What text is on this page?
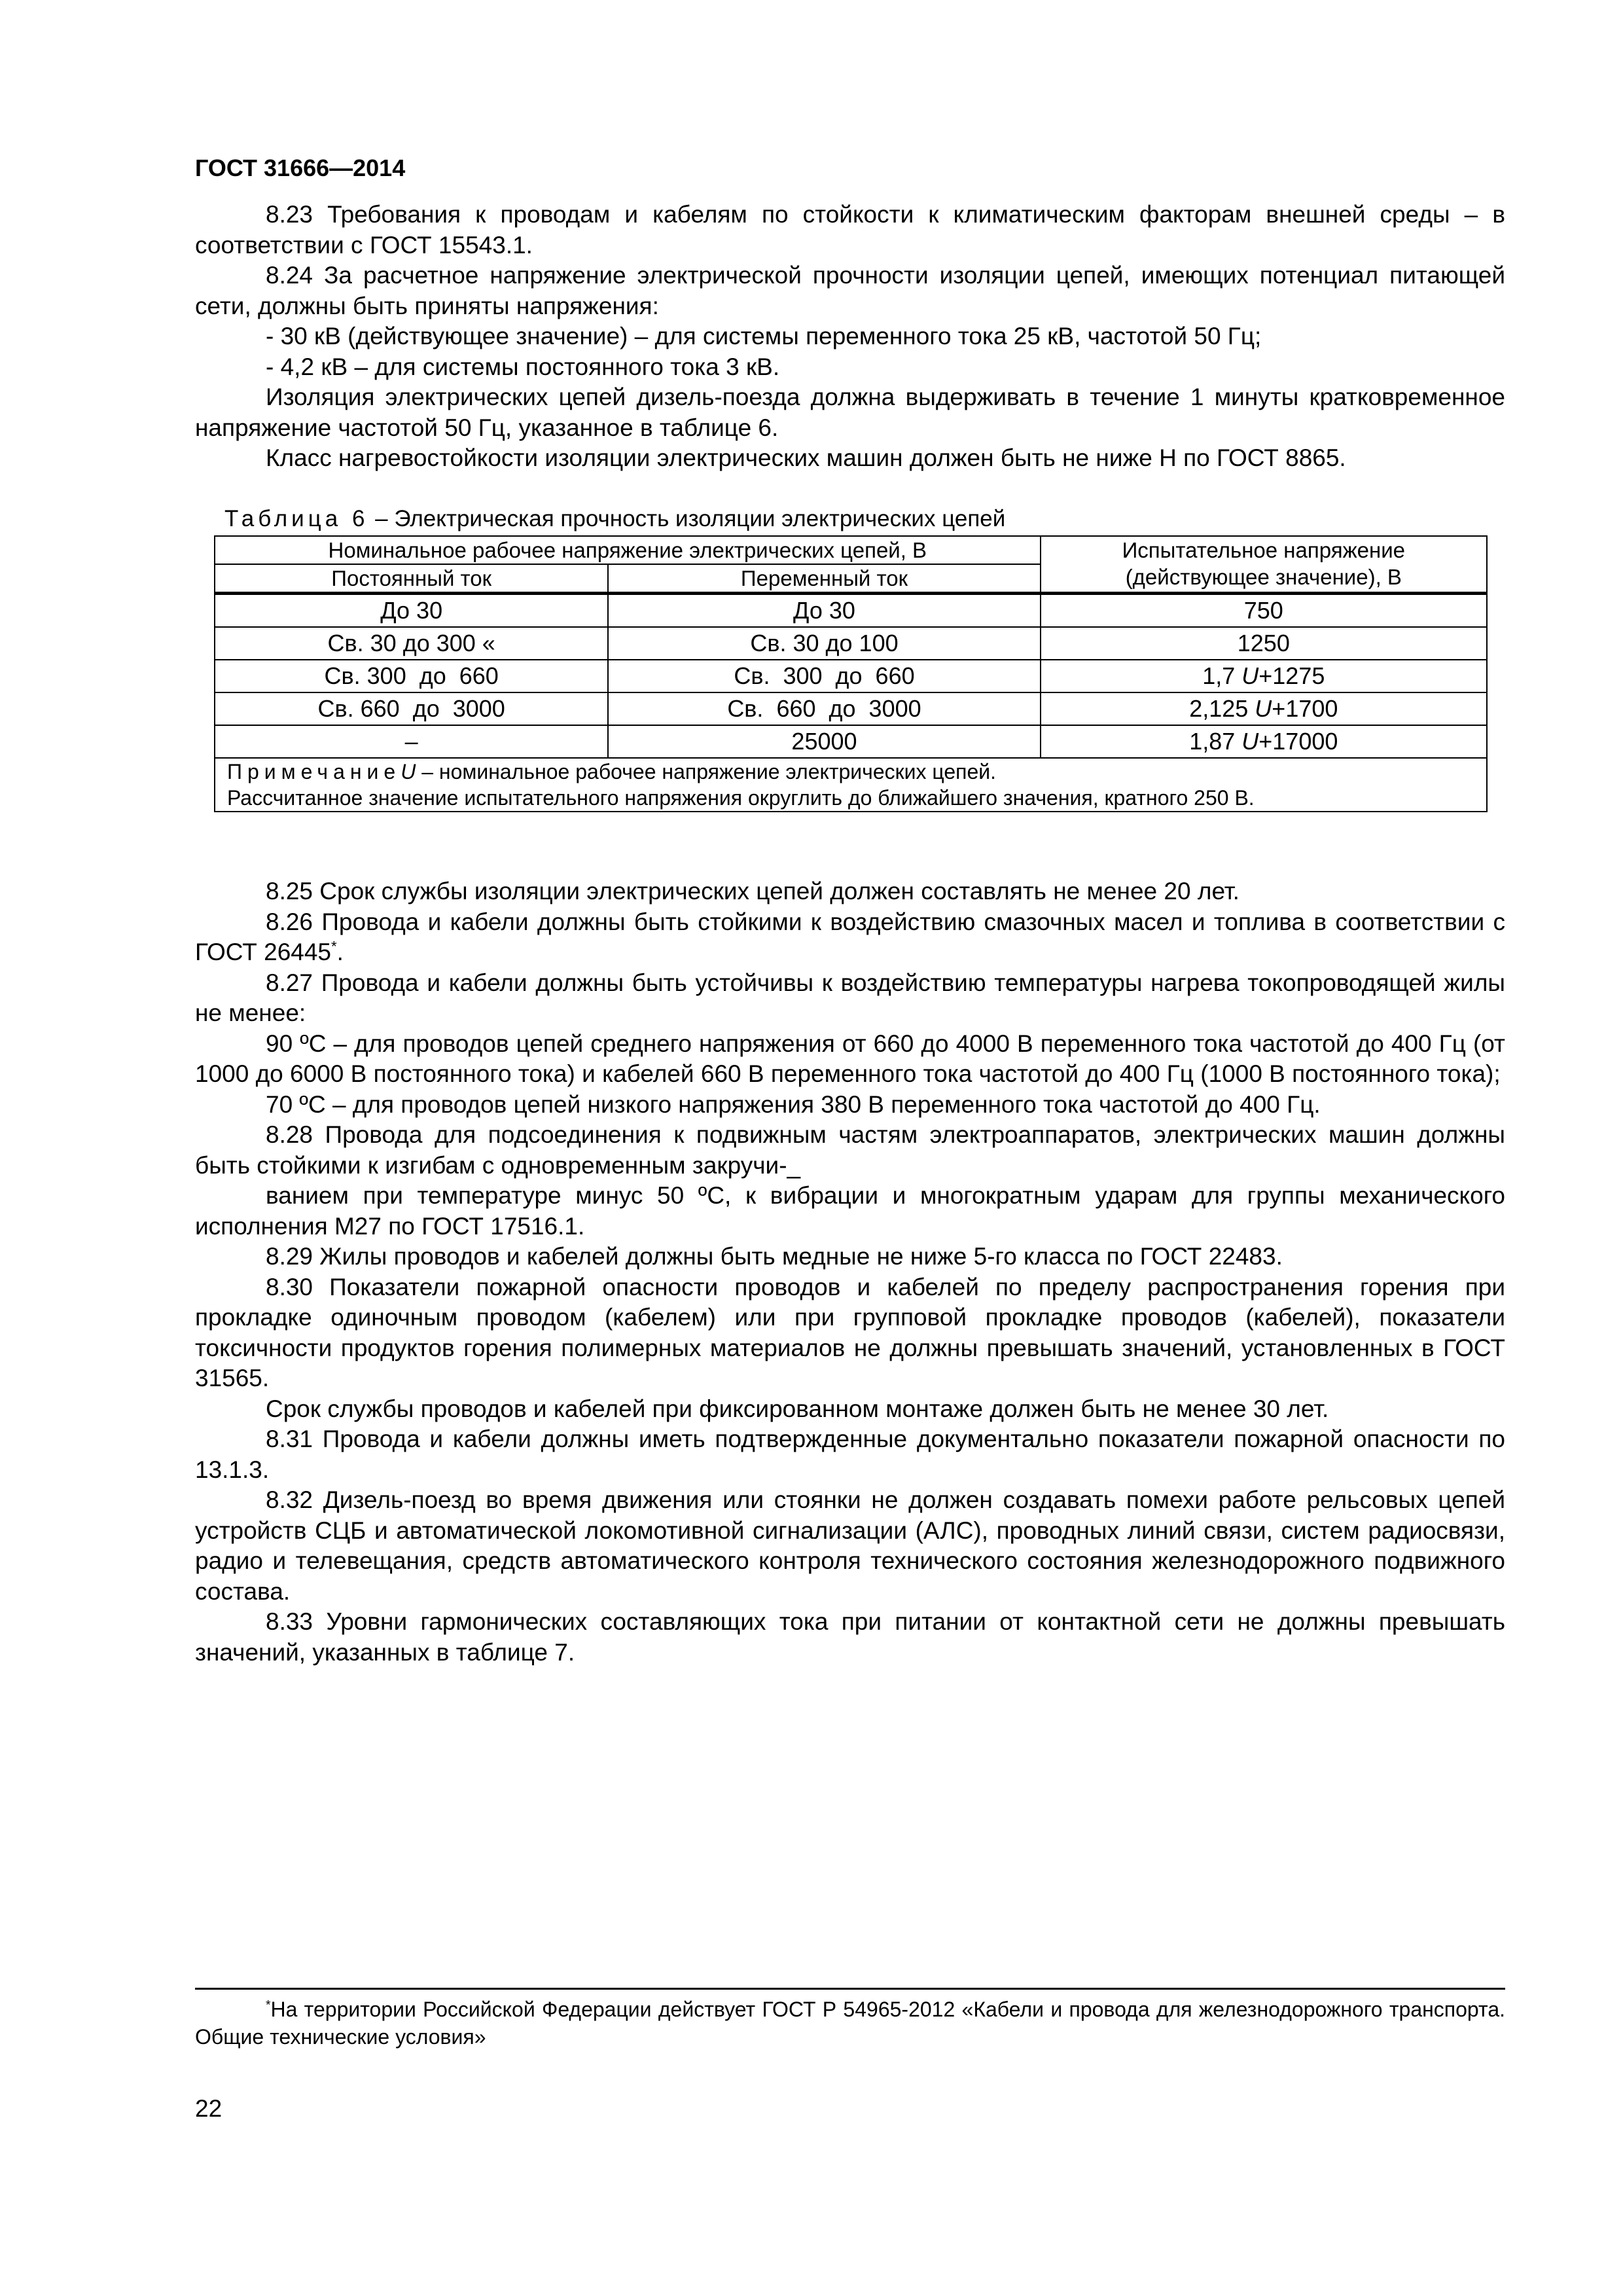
ГОСТ 31666—2014

8.23 Требования к проводам и кабелям по стойкости к климатическим факторам внешней среды – в соответствии с ГОСТ 15543.1.

8.24 За расчетное напряжение электрической прочности изоляции цепей, имеющих потенциал питающей сети, должны быть приняты напряжения:

- 30 кВ (действующее значение) – для системы переменного тока 25 кВ, частотой 50 Гц;

- 4,2 кВ – для системы постоянного тока 3 кВ.

Изоляция электрических цепей дизель-поезда должна выдерживать в течение 1 минуты кратковременное напряжение частотой 50 Гц, указанное в таблице 6.

Класс нагревостойкости изоляции электрических машин должен быть не ниже Н по ГОСТ 8865.

Таблица 6 – Электрическая прочность изоляции электрических цепей
Номинальное рабочее напряжение электрических цепей, В		Испытательное напряжение (действующее значение), В
Постоянный ток	Переменный ток	
До 30	До 30	750
Св. 30 до 300 «	Св. 30 до 100	1250
Св. 300  до  660	Св.  300  до  660	1,7 U+1275
Св. 660  до  3000	Св.  660  до  3000	2,125 U+1700
–	25000	1,87 U+17000
ПримечаниеU – номинальное рабочее напряжение электрических цепей.
Рассчитанное значение испытательного напряжения округлить до ближайшего значения, кратного 250 В.		

8.25 Срок службы изоляции электрических цепей должен составлять не менее 20 лет.

8.26 Провода и кабели должны быть стойкими к воздействию смазочных масел и топлива в соответствии с ГОСТ 26445*.

8.27 Провода и кабели должны быть устойчивы к воздействию температуры нагрева токопроводящей жилы не менее:

90 ºС – для проводов цепей среднего напряжения от 660 до 4000 В переменного тока частотой до 400 Гц (от 1000 до 6000 В постоянного тока) и кабелей 660 В переменного тока частотой до 400 Гц (1000 В постоянного тока);

70 ºС – для проводов цепей низкого напряжения 380 В переменного тока частотой до 400 Гц.

8.28 Провода для подсоединения к подвижным частям электроаппаратов, электрических машин должны быть стойкими к изгибам с одновременным закручи-_

ванием при температуре минус 50 ºС, к вибрации и многократным ударам для группы механического исполнения М27 по ГОСТ 17516.1.

8.29 Жилы проводов и кабелей должны быть медные не ниже 5-го класса по ГОСТ 22483.

8.30 Показатели пожарной опасности проводов и кабелей по пределу распространения горения при прокладке одиночным проводом (кабелем) или при групповой прокладке проводов (кабелей), показатели токсичности продуктов горения полимерных материалов не должны превышать значений, установленных в ГОСТ 31565.

Срок службы проводов и кабелей при фиксированном монтаже должен быть не менее 30 лет.

8.31 Провода и кабели должны иметь подтвержденные документально показатели пожарной опасности по 13.1.3.

8.32 Дизель-поезд во время движения или стоянки не должен создавать помехи работе рельсовых цепей устройств СЦБ и автоматической локомотивной сигнализации (АЛС), проводных линий связи, систем радиосвязи, радио и телевещания, средств автоматического контроля технического состояния железнодорожного подвижного состава.

8.33 Уровни гармонических составляющих тока при питании от контактной сети не должны превышать значений, указанных в таблице 7.

*На территории Российской Федерации действует ГОСТ Р 54965-2012 «Кабели и провода для железнодорожного транспорта. Общие технические условия»
22
